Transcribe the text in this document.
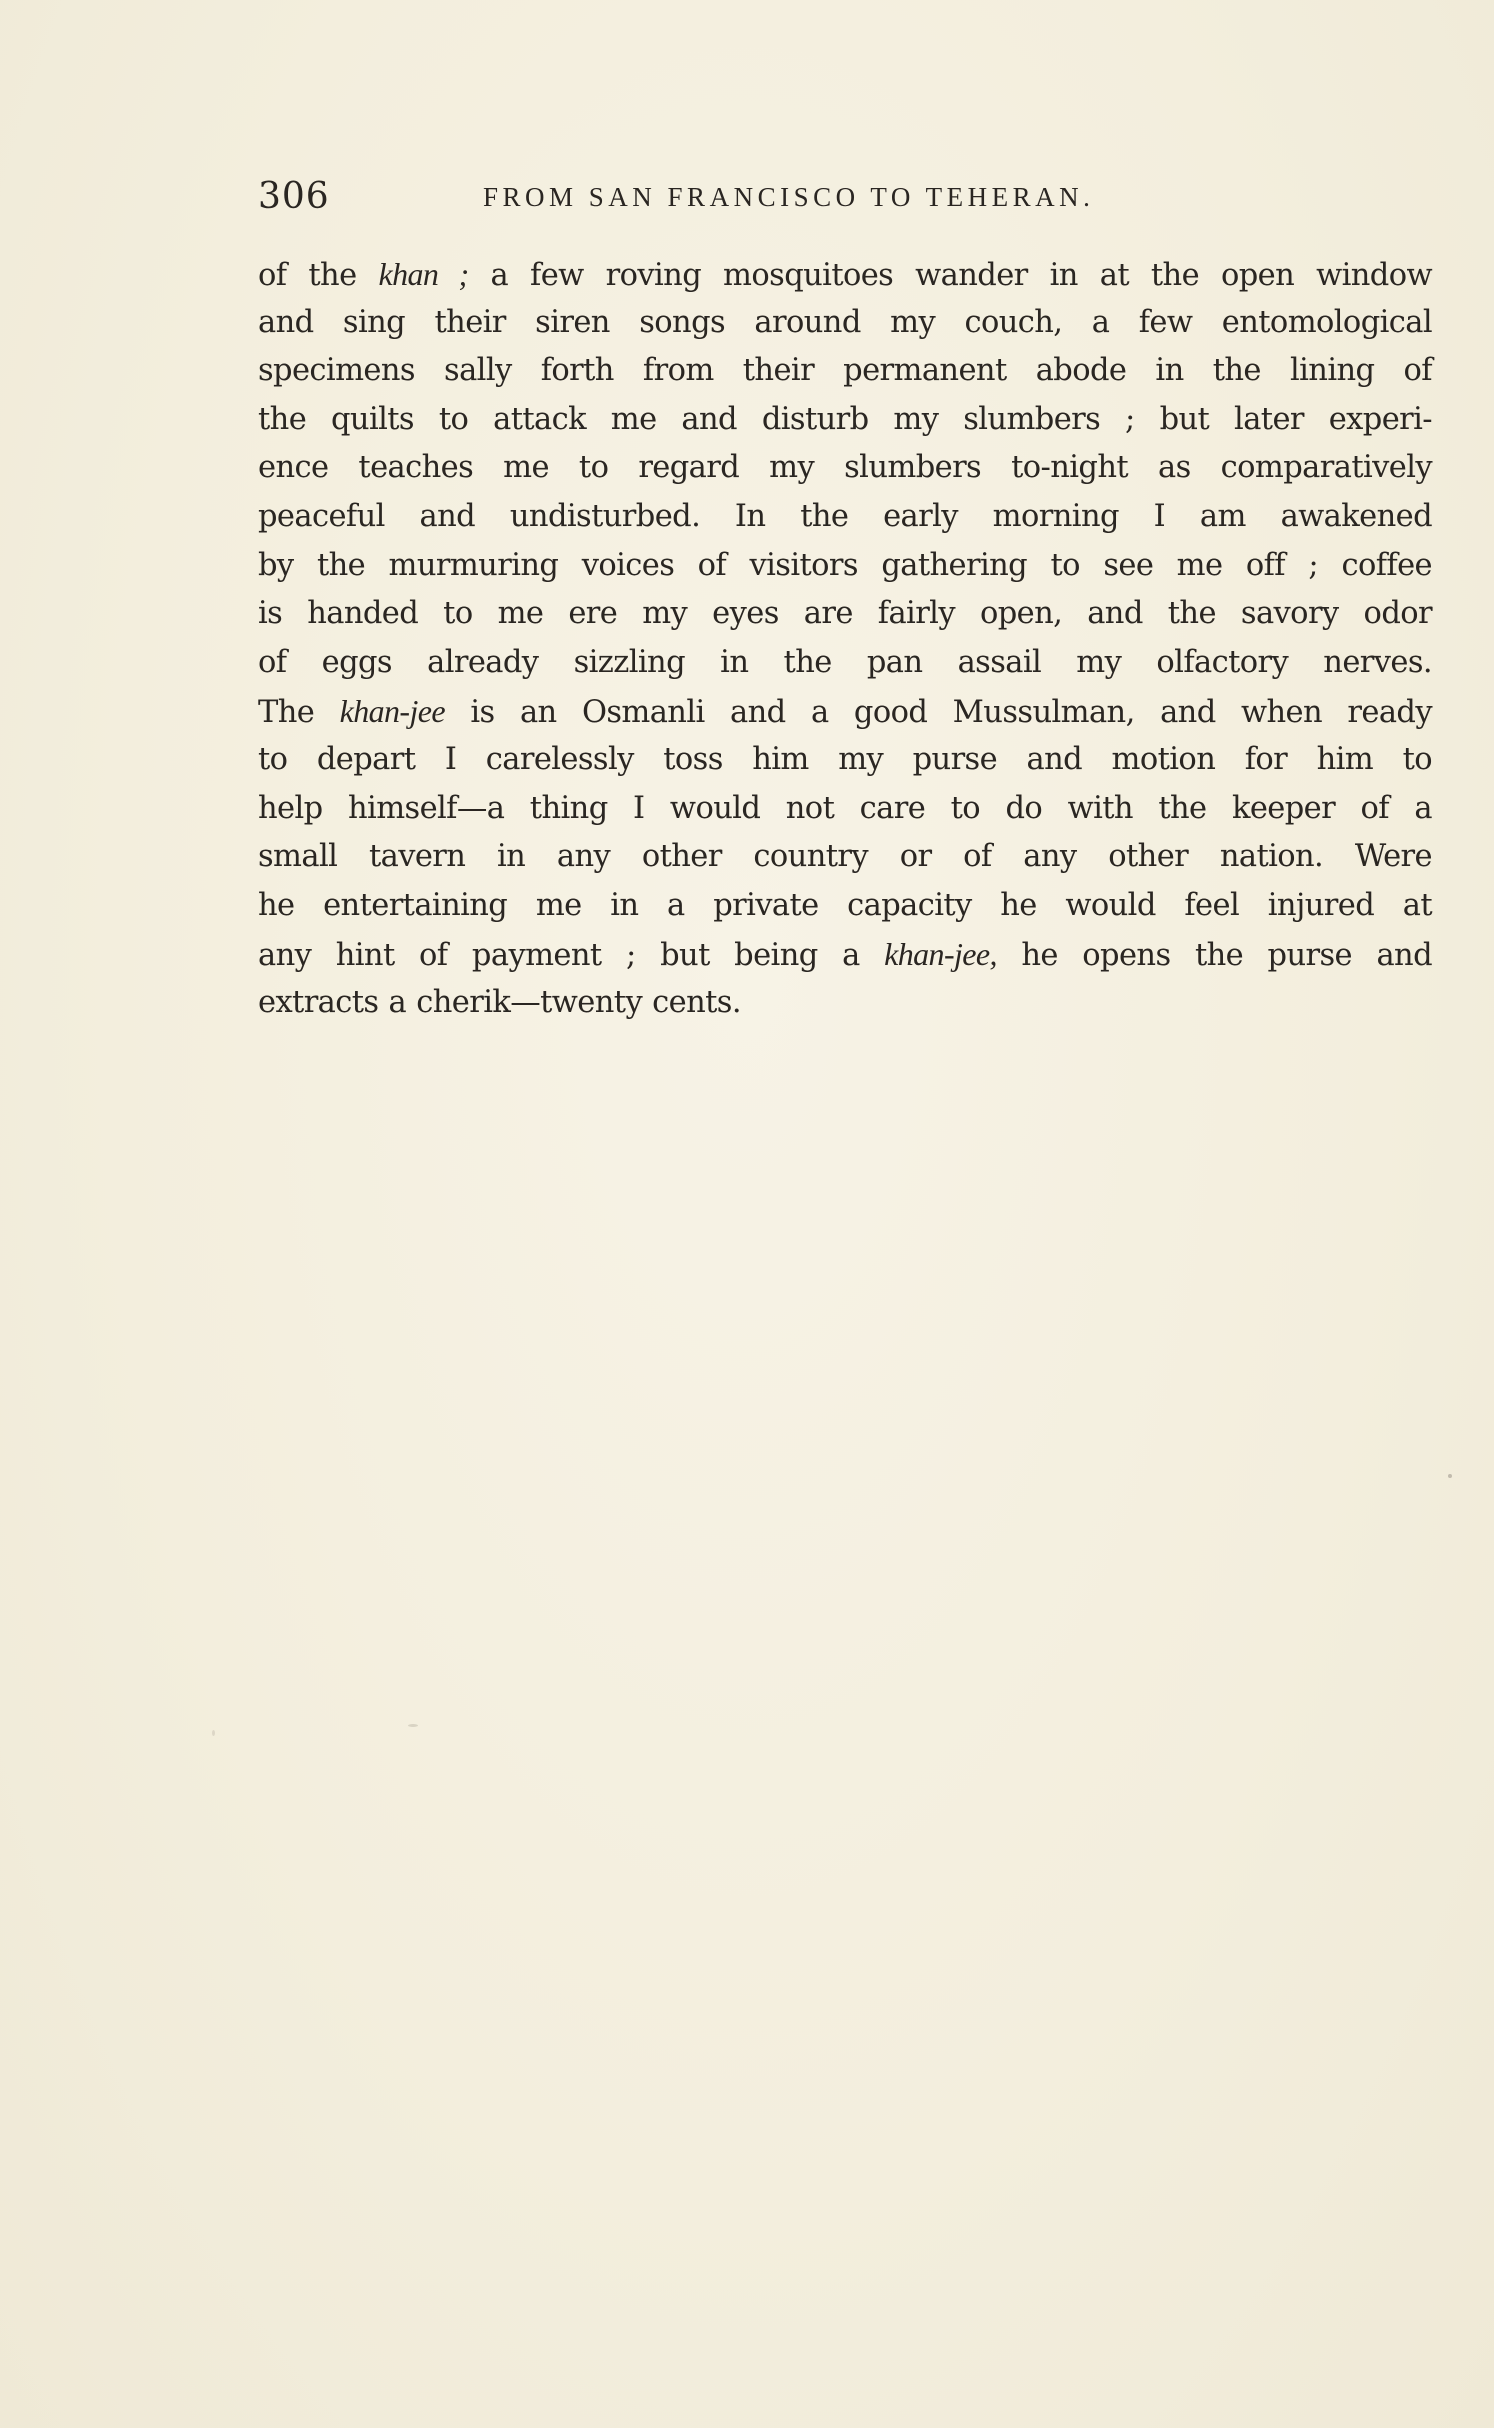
306	FROM SAN FRANCISCO TO TEHERAN.
of the khan ; a few roving mosquitoes wander in at the open window
and sing their siren songs around my couch, a few entomological
specimens sally forth from their permanent abode in the lining of
the quilts to attack me and disturb my slumbers ; but later experi-
ence teaches me to regard my slumbers to-night as comparatively
peaceful and undisturbed. In the early morning I am awakened
by the murmuring voices of visitors gathering to see me off ; coffee
is handed to me ere my eyes are fairly open, and the savory odor
of eggs already sizzling in the pan assail my olfactory nerves.
The khan-jee is an Osmanli and a good Mussulman, and when ready
to depart I carelessly toss him my purse and motion for him to
help himself—a thing I would not care to do with the keeper of a
small tavern in any other country or of any other nation. Were
he entertaining me in a private capacity he would feel injured at
any hint of payment ; but being a khan-jee, he opens the purse and
extracts a cherik—twenty cents.
